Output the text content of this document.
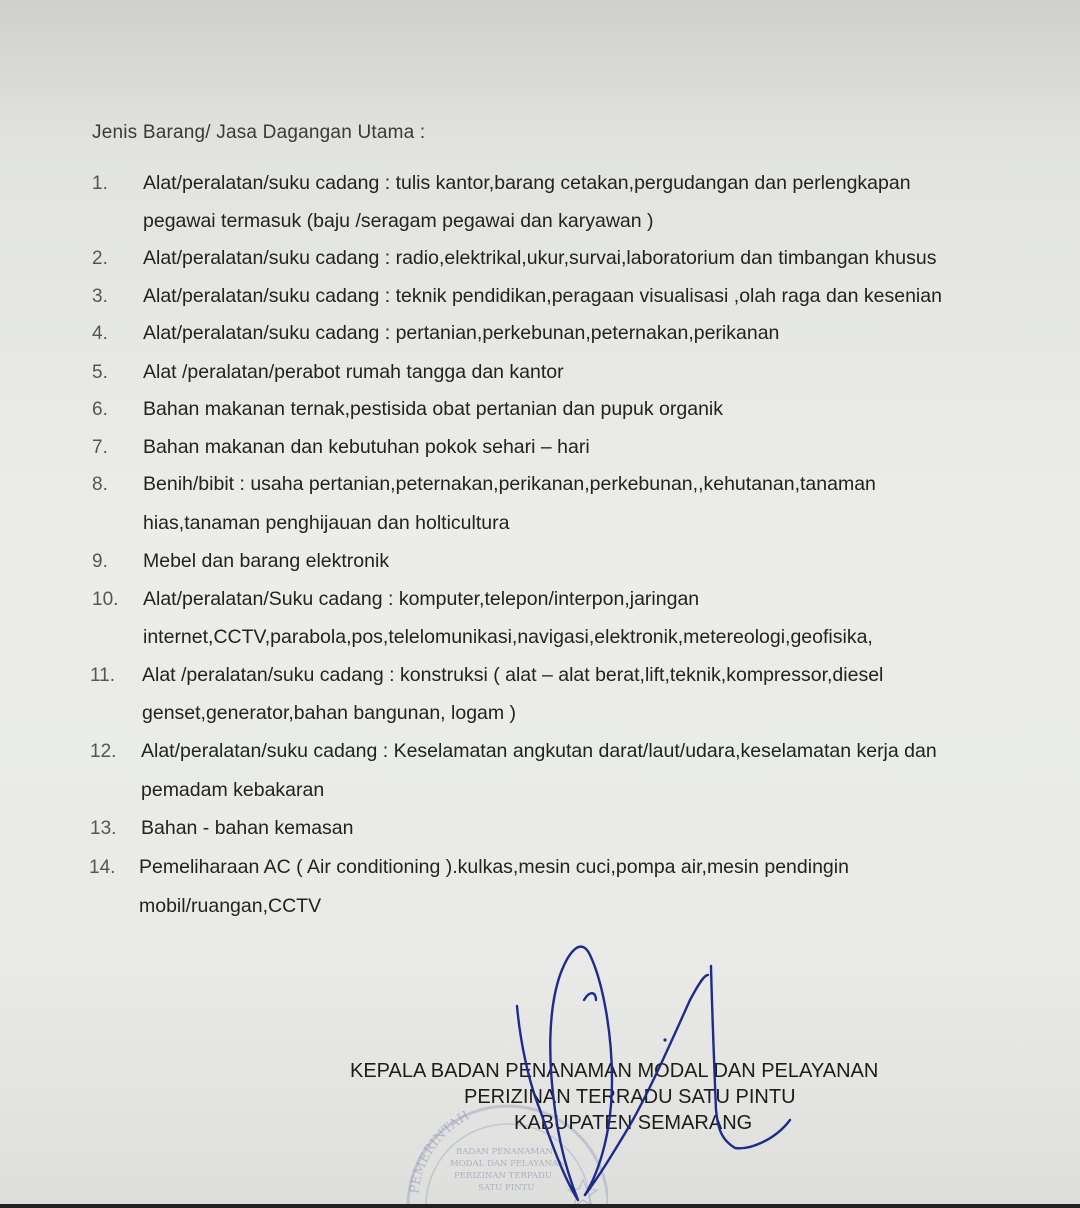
Jenis Barang/ Jasa Dagangan Utama :
1. Alat/peralatan/suku cadang : tulis kantor,barang cetakan,pergudangan dan perlengkapan
pegawai termasuk (baju /seragam pegawai dan karyawan )
2. Alat/peralatan/suku cadang : radio,elektrikal,ukur,survai,laboratorium dan timbangan khusus
3. Alat/peralatan/suku cadang : teknik pendidikan,peragaan visualisasi ,olah raga dan kesenian
4. Alat/peralatan/suku cadang : pertanian,perkebunan,peternakan,perikanan
5. Alat /peralatan/perabot rumah tangga dan kantor
6. Bahan makanan ternak,pestisida obat pertanian dan pupuk organik
7. Bahan makanan dan kebutuhan pokok sehari – hari
8. Benih/bibit : usaha pertanian,peternakan,perikanan,perkebunan,,kehutanan,tanaman
hias,tanaman penghijauan dan holticultura
9. Mebel dan barang elektronik
10. Alat/peralatan/Suku cadang : komputer,telepon/interpon,jaringan
internet,CCTV,parabola,pos,telelomunikasi,navigasi,elektronik,metereologi,geofisika,
11. Alat /peralatan/suku cadang : konstruksi ( alat – alat berat,lift,teknik,kompressor,diesel
genset,generator,bahan bangunan, logam )
12. Alat/peralatan/suku cadang : Keselamatan angkutan darat/laut/udara,keselamatan kerja dan
pemadam kebakaran
13. Bahan - bahan kemasan
14. Pemeliharaan AC ( Air conditioning ).kulkas,mesin cuci,pompa air,mesin pendingin
mobil/ruangan,CCTV
PEMERINTAH
BADAN PENANAMAN
MODAL DAN PELAYANAN
PERIZINAN TERPADU
SATU PINTU
KEPALA BADAN PENANAMAN MODAL DAN PELAYANAN
PERIZINAN TERRADU SATU PINTU
KABUPATEN SEMARANG
